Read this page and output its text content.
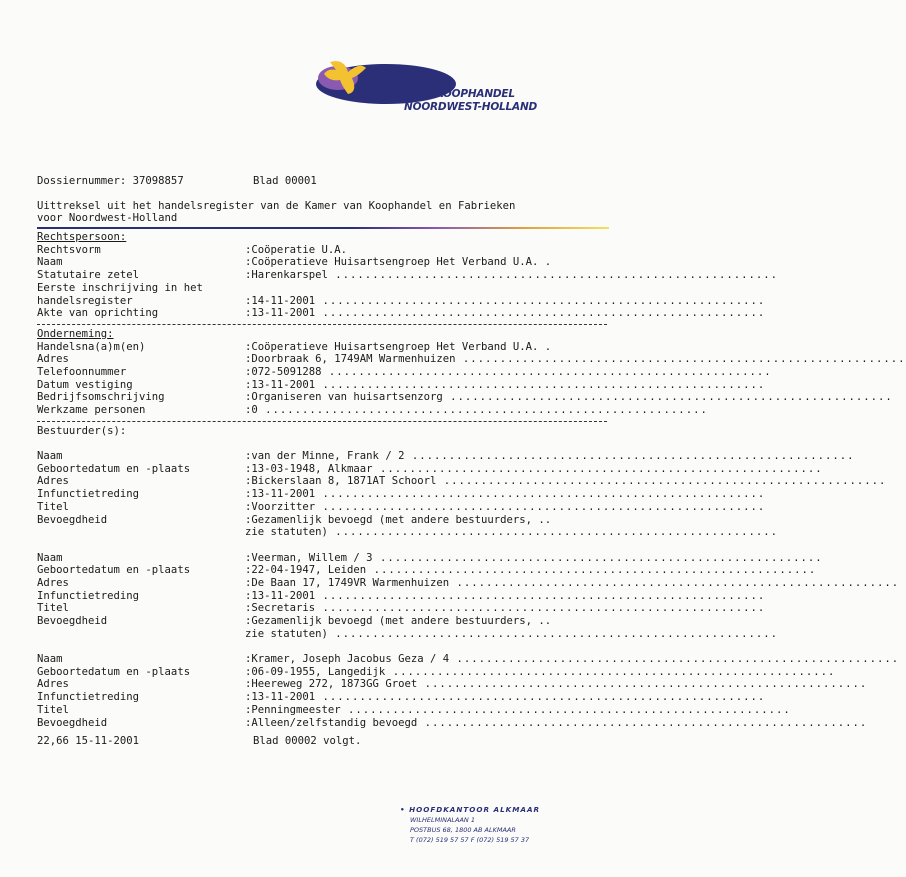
KAMER VAN KOOPHANDEL
NOORDWEST-HOLLAND
Dossiernummer: 37098857	Blad 00001
Uittreksel uit het handelsregister van de Kamer van Koophandel en Fabrieken
voor Noordwest-Holland
Rechtspersoon:
Rechtsvorm	:Coöperatie U.A.
Naam	:Coöperatieve Huisartsengroep Het Verband U.A. .
Statutaire zetel	:Harenkarspel ............................................................
Eerste inschrijving in het
handelsregister	:14-11-2001 ............................................................
Akte van oprichting	:13-11-2001 ............................................................
Onderneming:
Handelsna(a)m(en)	:Coöperatieve Huisartsengroep Het Verband U.A. .
Adres	:Doorbraak 6, 1749AM Warmenhuizen ............................................................
Telefoonnummer	:072-5091288 ............................................................
Datum vestiging	:13-11-2001 ............................................................
Bedrijfsomschrijving	:Organiseren van huisartsenzorg ............................................................
Werkzame personen	:0 ............................................................
Bestuurder(s):
Naam	:van der Minne, Frank / 2 ............................................................
Geboortedatum en -plaats	:13-03-1948, Alkmaar ............................................................
Adres	:Bickerslaan 8, 1871AT Schoorl ............................................................
Infunctietreding	:13-11-2001 ............................................................
Titel	:Voorzitter ............................................................
Bevoegdheid	:Gezamenlijk bevoegd (met andere bestuurders, ..
zie statuten) ............................................................
Naam	:Veerman, Willem / 3 ............................................................
Geboortedatum en -plaats	:22-04-1947, Leiden ............................................................
Adres	:De Baan 17, 1749VR Warmenhuizen ............................................................
Infunctietreding	:13-11-2001 ............................................................
Titel	:Secretaris ............................................................
Bevoegdheid	:Gezamenlijk bevoegd (met andere bestuurders, ..
zie statuten) ............................................................
Naam	:Kramer, Joseph Jacobus Geza / 4 ............................................................
Geboortedatum en -plaats	:06-09-1955, Langedijk ............................................................
Adres	:Heereweg 272, 1873GG Groet ............................................................
Infunctietreding	:13-11-2001 ............................................................
Titel	:Penningmeester ............................................................
Bevoegdheid	:Alleen/zelfstandig bevoegd ............................................................
22,66 15-11-2001	Blad 00002 volgt.
• HOOFDKANTOOR ALKMAAR
WILHELMINALAAN 1
POSTBUS 68, 1800 AB ALKMAAR
T (072) 519 57 57 F (072) 519 57 37
